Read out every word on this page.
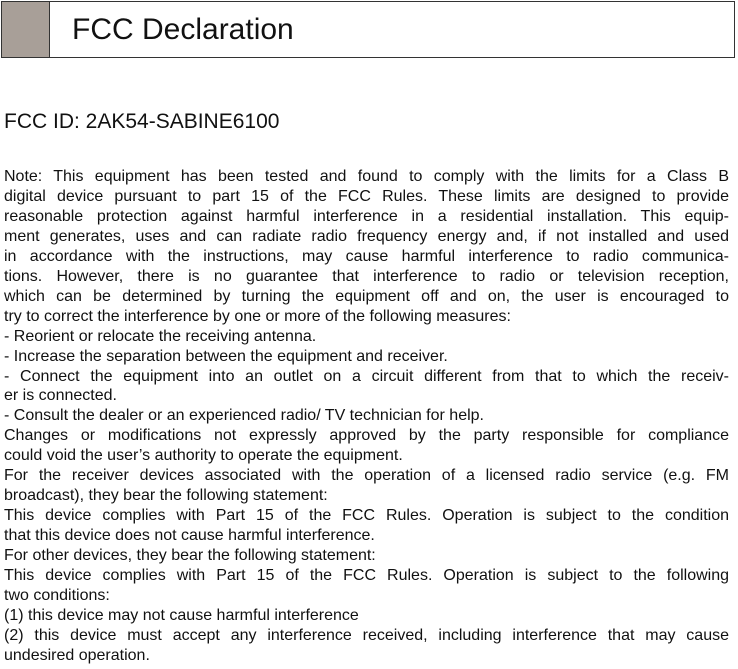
FCC Declaration
FCC ID: 2AK54-SABINE6100
Note: This equipment has been tested and found to comply with the limits for a Class B
digital device pursuant to part 15 of the FCC Rules. These limits are designed to provide
reasonable protection against harmful interference in a residential installation. This equip-
ment generates, uses and can radiate radio frequency energy and, if not installed and used
in accordance with the instructions, may cause harmful interference to radio communica-
tions. However, there is no guarantee that interference to radio or television reception,
which can be determined by turning the equipment off and on, the user is encouraged to
try to correct the interference by one or more of the following measures:
- Reorient or relocate the receiving antenna.
- Increase the separation between the equipment and receiver.
- Connect the equipment into an outlet on a circuit different from that to which the receiv-
er is connected.
- Consult the dealer or an experienced radio/ TV technician for help.
Changes or modifications not expressly approved by the party responsible for compliance
could void the user’s authority to operate the equipment.
For the receiver devices associated with the operation of a licensed radio service (e.g. FM
broadcast), they bear the following statement:
This device complies with Part 15 of the FCC Rules. Operation is subject to the condition
that this device does not cause harmful interference.
For other devices, they bear the following statement:
This device complies with Part 15 of the FCC Rules. Operation is subject to the following
two conditions:
(1) this device may not cause harmful interference
(2) this device must accept any interference received, including interference that may cause
undesired operation.
